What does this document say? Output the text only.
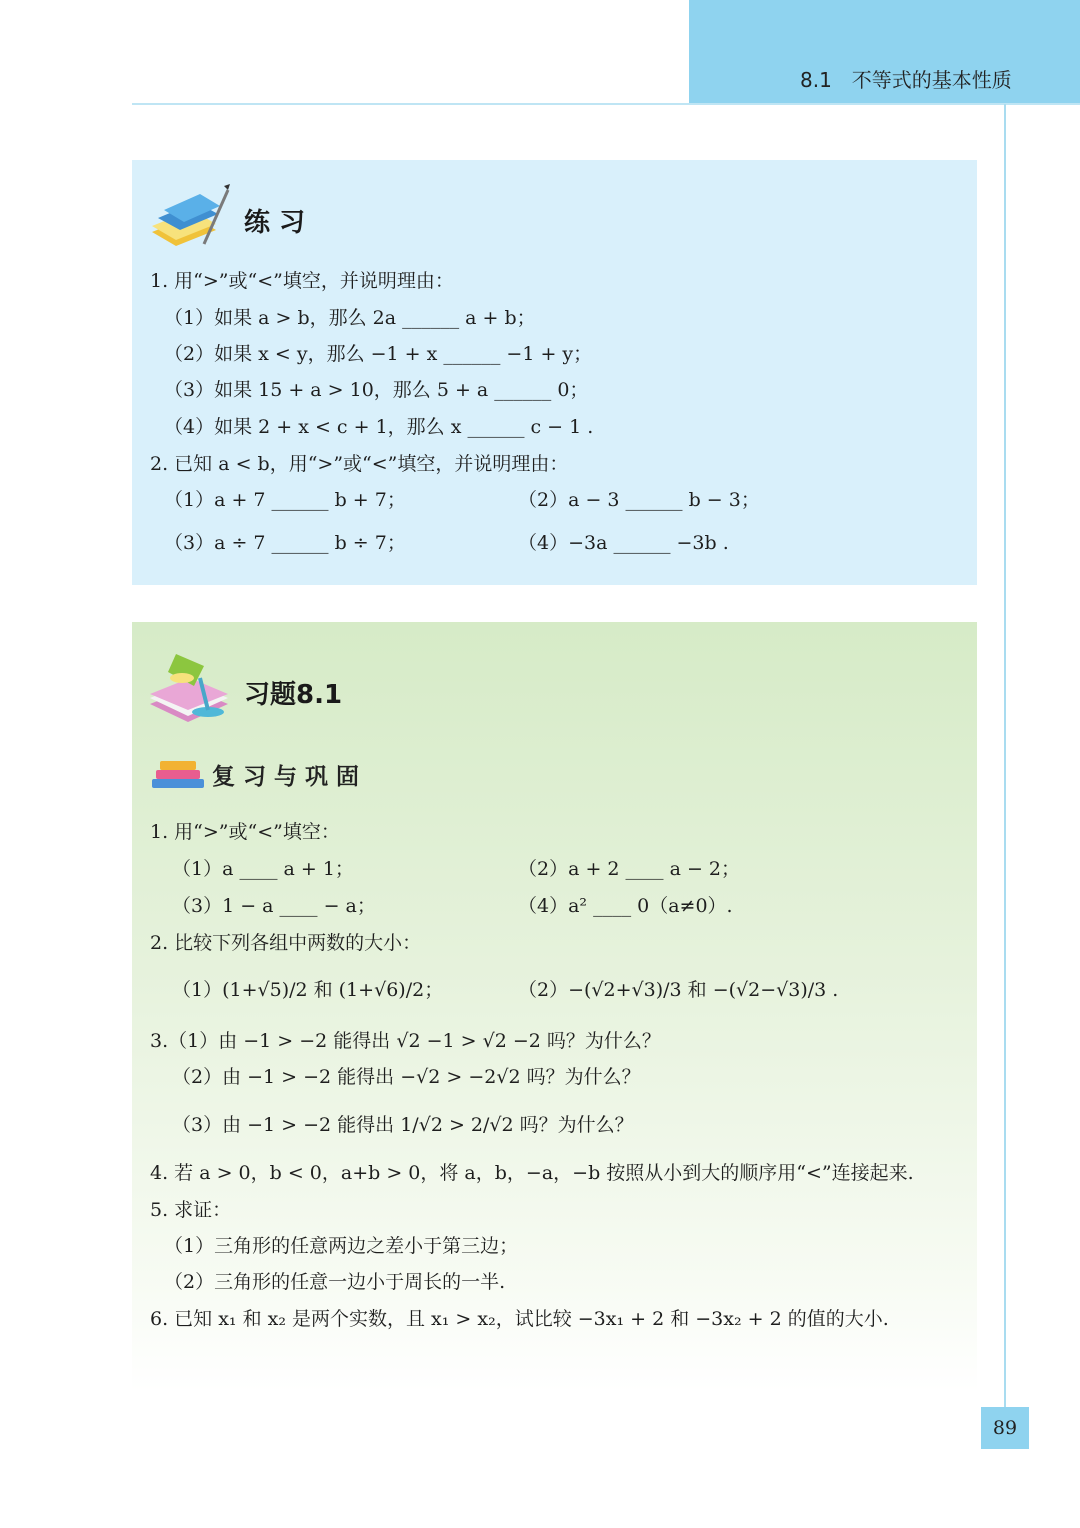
8.1　不等式的基本性质
练 习
1. 用“>”或“<”填空，并说明理由：
（1）如果 a > b，那么 2a ______ a + b；
（2）如果 x < y，那么 −1 + x ______ −1 + y；
（3）如果 15 + a > 10，那么 5 + a ______ 0；
（4）如果 2 + x < c + 1，那么 x ______ c − 1 .
2. 已知 a < b，用“>”或“<”填空，并说明理由：
（1）a + 7 ______ b + 7；	（2）a − 3 ______ b − 3；
（3）a ÷ 7 ______ b ÷ 7；	（4）−3a ______ −3b .
习题8.1
复习与巩固
1. 用“>”或“<”填空：
（1）a ____ a + 1；	（2）a + 2 ____ a − 2；
（3）1 − a ____ − a；	（4）a² ____ 0（a≠0）.
2. 比较下列各组中两数的大小：
（1）(1+√5)/2 和 (1+√6)/2；	（2）−(√2+√3)/3 和 −(√2−√3)/3 .
3.（1）由 −1 > −2 能得出 √2 −1 > √2 −2 吗？为什么？
（2）由 −1 > −2 能得出 −√2 > −2√2 吗？为什么？
（3）由 −1 > −2 能得出 1/√2 > 2/√2 吗？为什么？
4. 若 a > 0，b < 0，a+b > 0，将 a，b，−a，−b 按照从小到大的顺序用“<”连接起来.
5. 求证：
（1）三角形的任意两边之差小于第三边；
（2）三角形的任意一边小于周长的一半.
6. 已知 x₁ 和 x₂ 是两个实数，且 x₁ > x₂，试比较 −3x₁ + 2 和 −3x₂ + 2 的值的大小.
89
